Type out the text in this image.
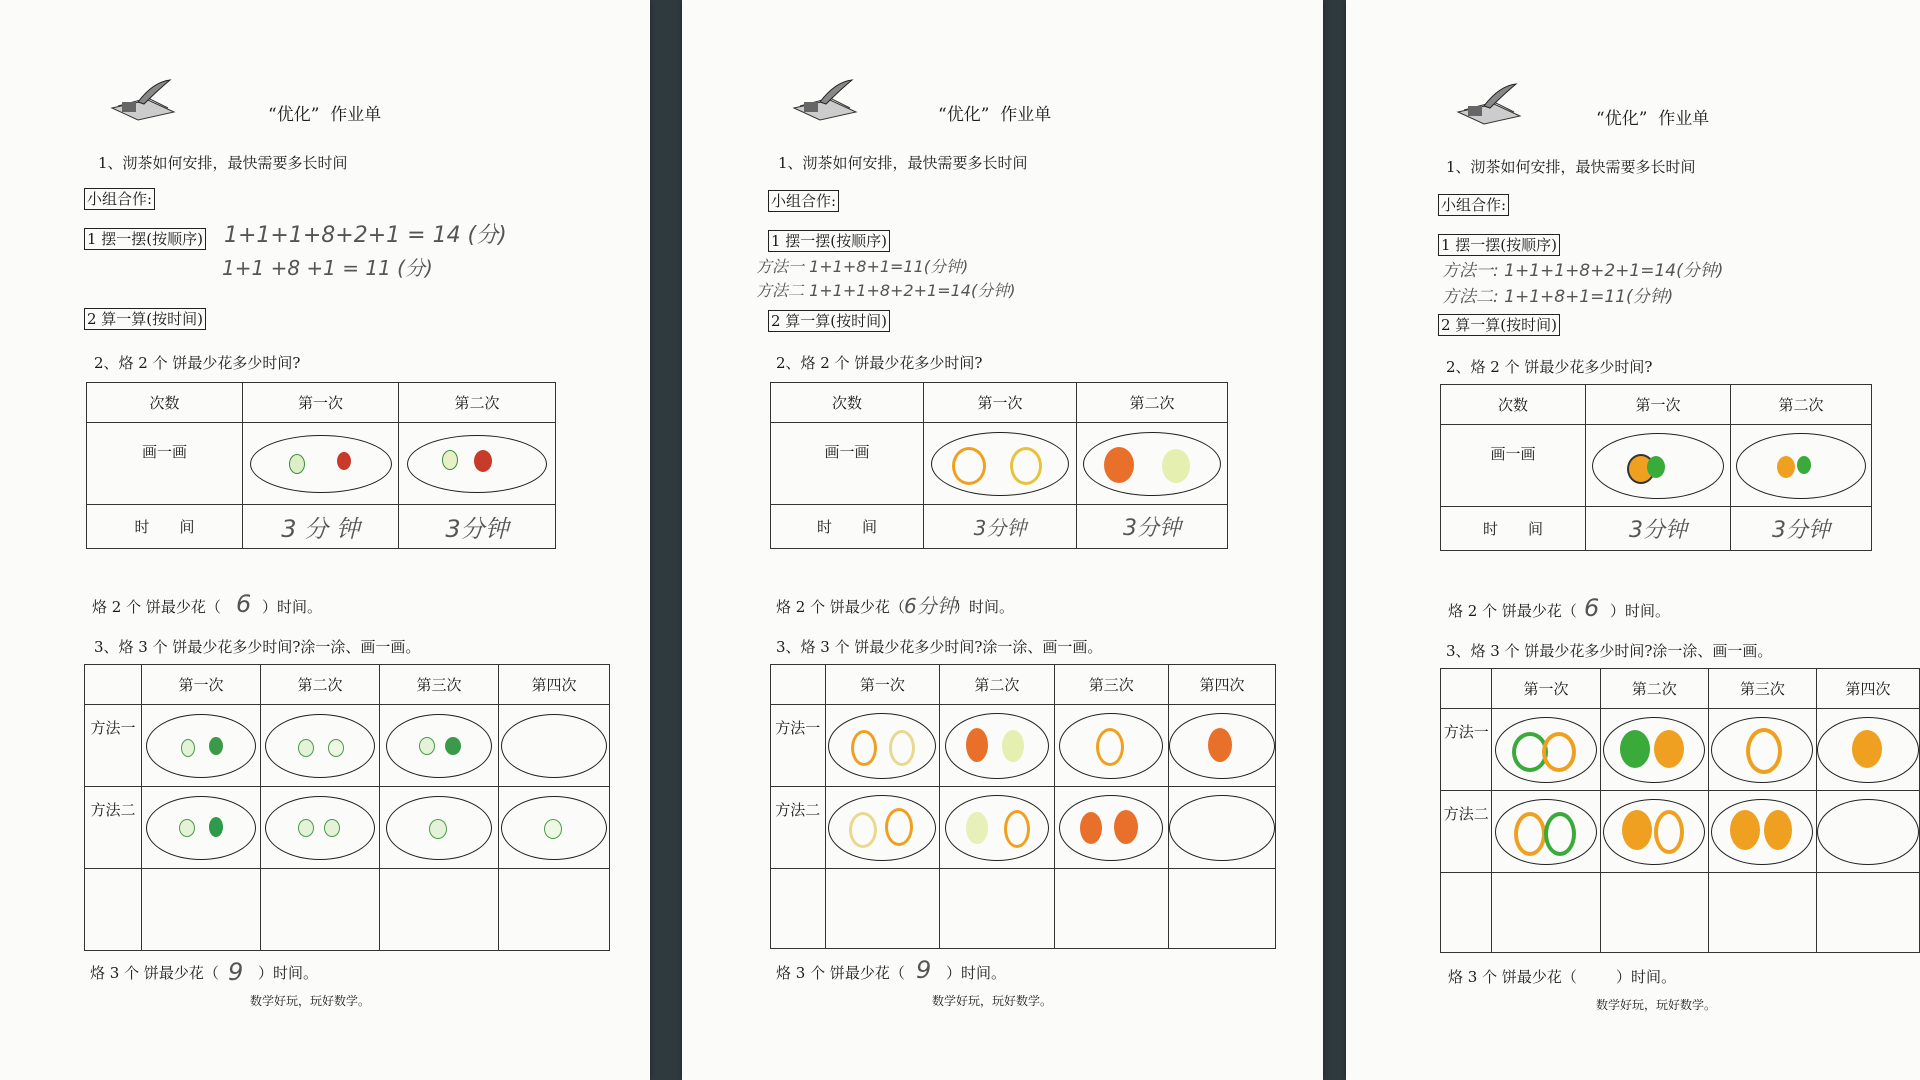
“优化”  作业单
1、沏茶如何安排，最快需要多长时间
小组合作:
1 摆一摆(按顺序) 1+1+1+8+2+1 = 14 (分)
1+1 +8 +1 = 11 (分)
2 算一算(按时间)
2、烙 2 个 饼最少花多少时间?
次数	第一次	第二次
画一画	

时　　间	3 分 钟	3分钟
烙 2 个 饼最少花（ 6 ）时间。
3、烙 3 个 饼最少花多少时间?涂一涂、画一画。
	第一次	第二次	第三次	第四次
方法一	

方法二	

烙 3 个 饼最少花（ 9 ）时间。
数学好玩，玩好数学。
“优化”  作业单
1、沏茶如何安排，最快需要多长时间
小组合作:
1 摆一摆(按顺序)
方法一 1+1+8+1=11(分钟)
方法二 1+1+1+8+2+1=14(分钟)
2 算一算(按时间)
2、烙 2 个 饼最少花多少时间?
次数	第一次	第二次
画一画	

时　　间	3分钟	3分钟
烙 2 个 饼最少花（ 6分钟
）时间。
3、烙 3 个 饼最少花多少时间?涂一涂、画一画。
	第一次	第二次	第三次	第四次
方法一	

方法二	

烙 3 个 饼最少花（ 9 ）时间。
数学好玩，玩好数学。
“优化”  作业单
1、沏茶如何安排，最快需要多长时间
小组合作:
1 摆一摆(按顺序)
方法一: 1+1+1+8+2+1=14(分钟)
方法二: 1+1+8+1=11(分钟)
2 算一算(按时间)
2、烙 2 个 饼最少花多少时间?
次数	第一次	第二次
画一画	

时　　间	3分钟	3分钟
烙 2 个 饼最少花（ 6 ）时间。
3、烙 3 个 饼最少花多少时间?涂一涂、画一画。
	第一次	第二次	第三次	第四次
方法一	

方法二	

烙 3 个 饼最少花（	）时间。
数学好玩，玩好数学。
